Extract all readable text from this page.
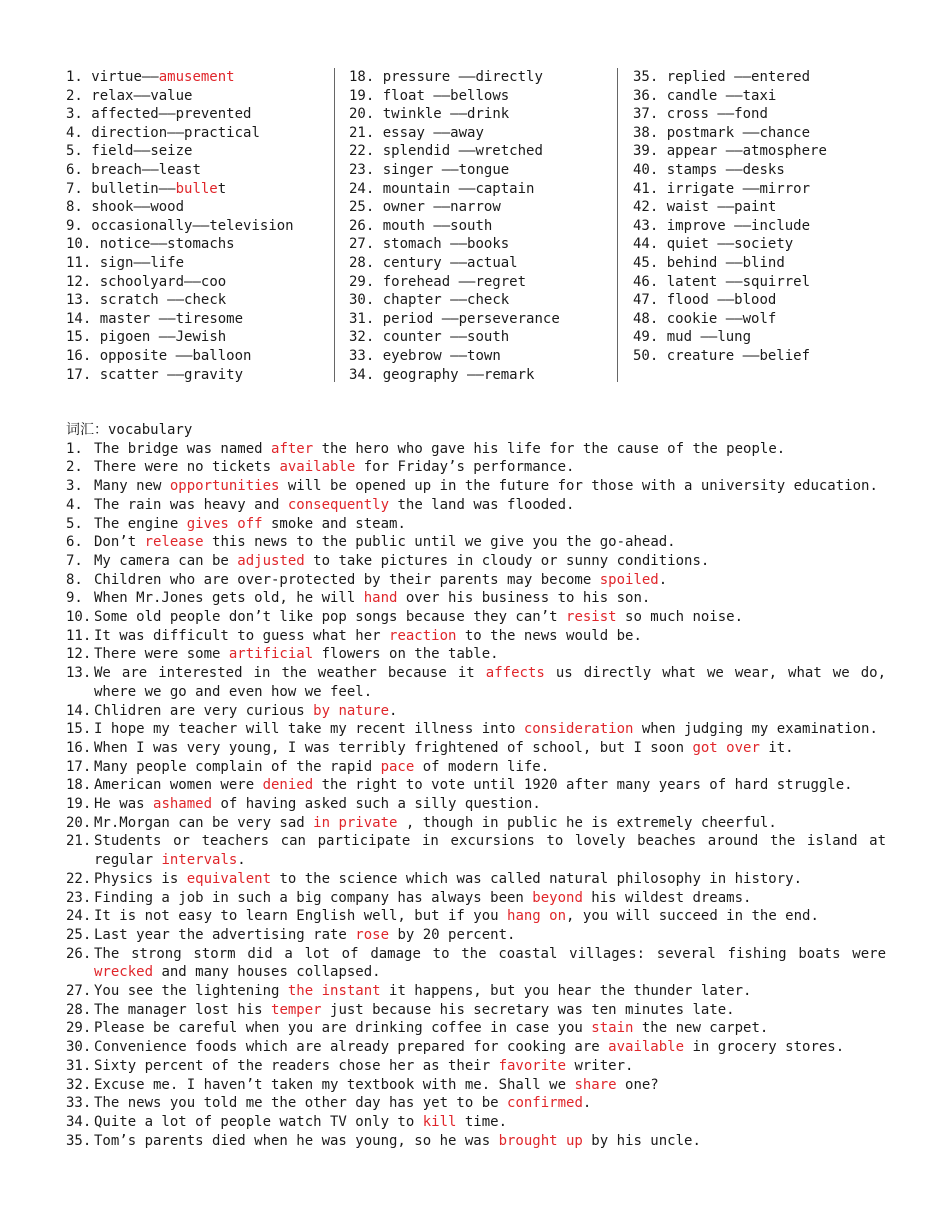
1. virtue——amusement
2. relax——value
3. affected——prevented
4. direction——practical
5. field——seize
6. breach——least
7. bulletin——bullet
8. shook——wood
9. occasionally——television
10. notice——stomachs
11. sign——life
12. schoolyard——coo
13. scratch ——check
14. master ——tiresome
15. pigoen ——Jewish
16. opposite ——balloon
17. scatter ——gravity
18. pressure ——directly
19. float ——bellows
20. twinkle ——drink
21. essay ——away
22. splendid ——wretched
23. singer ——tongue
24. mountain ——captain
25. owner ——narrow
26. mouth ——south
27. stomach ——books
28. century ——actual
29. forehead ——regret
30. chapter ——check
31. period ——perseverance
32. counter ——south
33. eyebrow ——town
34. geography ——remark
35. replied ——entered
36. candle ——taxi
37. cross ——fond
38. postmark ——chance
39. appear ——atmosphere
40. stamps ——desks
41. irrigate ——mirror
42. waist ——paint
43. improve ——include
44. quiet ——society
45. behind ——blind
46. latent ——squirrel
47. flood ——blood
48. cookie ——wolf
49. mud ——lung
50. creature ——belief
词汇：vocabulary
1. The bridge was named after the hero who gave his life for the cause of the people.
2. There were no tickets available for Friday’s performance.
3. Many new opportunities will be opened up in the future for those with a university education.
4. The rain was heavy and consequently the land was flooded.
5. The engine gives off smoke and steam.
6. Don’t release this news to the public until we give you the go-ahead.
7. My camera can be adjusted to take pictures in cloudy or sunny conditions.
8. Children who are over-protected by their parents may become spoiled.
9. When Mr.Jones gets old, he will hand over his business to his son.
10. Some old people don’t like pop songs because they can’t resist so much noise.
11. It was difficult to guess what her reaction to the news would be.
12. There were some artificial flowers on the table.
13. We are interested in the weather because it affects us directly what we wear, what we do, where we go and even how we feel.
14. Chlidren are very curious by nature.
15. I hope my teacher will take my recent illness into consideration when judging my examination.
16. When I was very young, I was terribly frightened of school, but I soon got over it.
17. Many people complain of the rapid pace of modern life.
18. American women were denied the right to vote until 1920 after many years of hard struggle.
19. He was ashamed of having asked such a silly question.
20. Mr.Morgan can be very sad in private , though in public he is extremely cheerful.
21. Students or teachers can participate in excursions to lovely beaches around the island at regular intervals.
22. Physics is equivalent to the science which was called natural philosophy in history.
23. Finding a job in such a big company has always been beyond his wildest dreams.
24. It is not easy to learn English well, but if you hang on, you will succeed in the end.
25. Last year the advertising rate rose by 20 percent.
26. The strong storm did a lot of damage to the coastal villages: several fishing boats were wrecked and many houses collapsed.
27. You see the lightening the instant it happens, but you hear the thunder later.
28. The manager lost his temper just because his secretary was ten minutes late.
29. Please be careful when you are drinking coffee in case you stain the new carpet.
30. Convenience foods which are already prepared for cooking are available in grocery stores.
31. Sixty percent of the readers chose her as their favorite writer.
32. Excuse me. I haven’t taken my textbook with me. Shall we share one?
33. The news you told me the other day has yet to be confirmed.
34. Quite a lot of people watch TV only to kill time.
35. Tom’s parents died when he was young, so he was brought up by his uncle.
